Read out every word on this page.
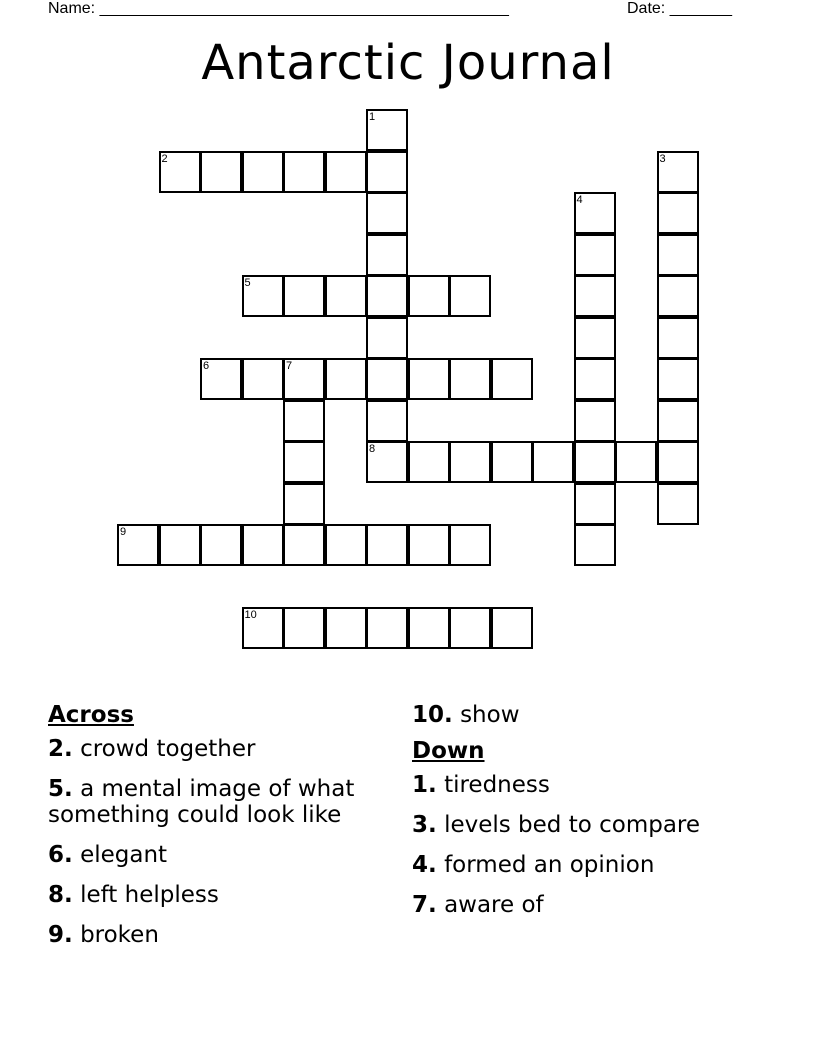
Name: ______________________________________________	Date: _______
Antarctic Journal
1
2	3
4
5
6	7
8
9
10
Across
2. crowd together
5. a mental image of what
something could look like
6. elegant
8. left helpless
9. broken
10. show
Down
1. tiredness
3. levels bed to compare
4. formed an opinion
7. aware of
